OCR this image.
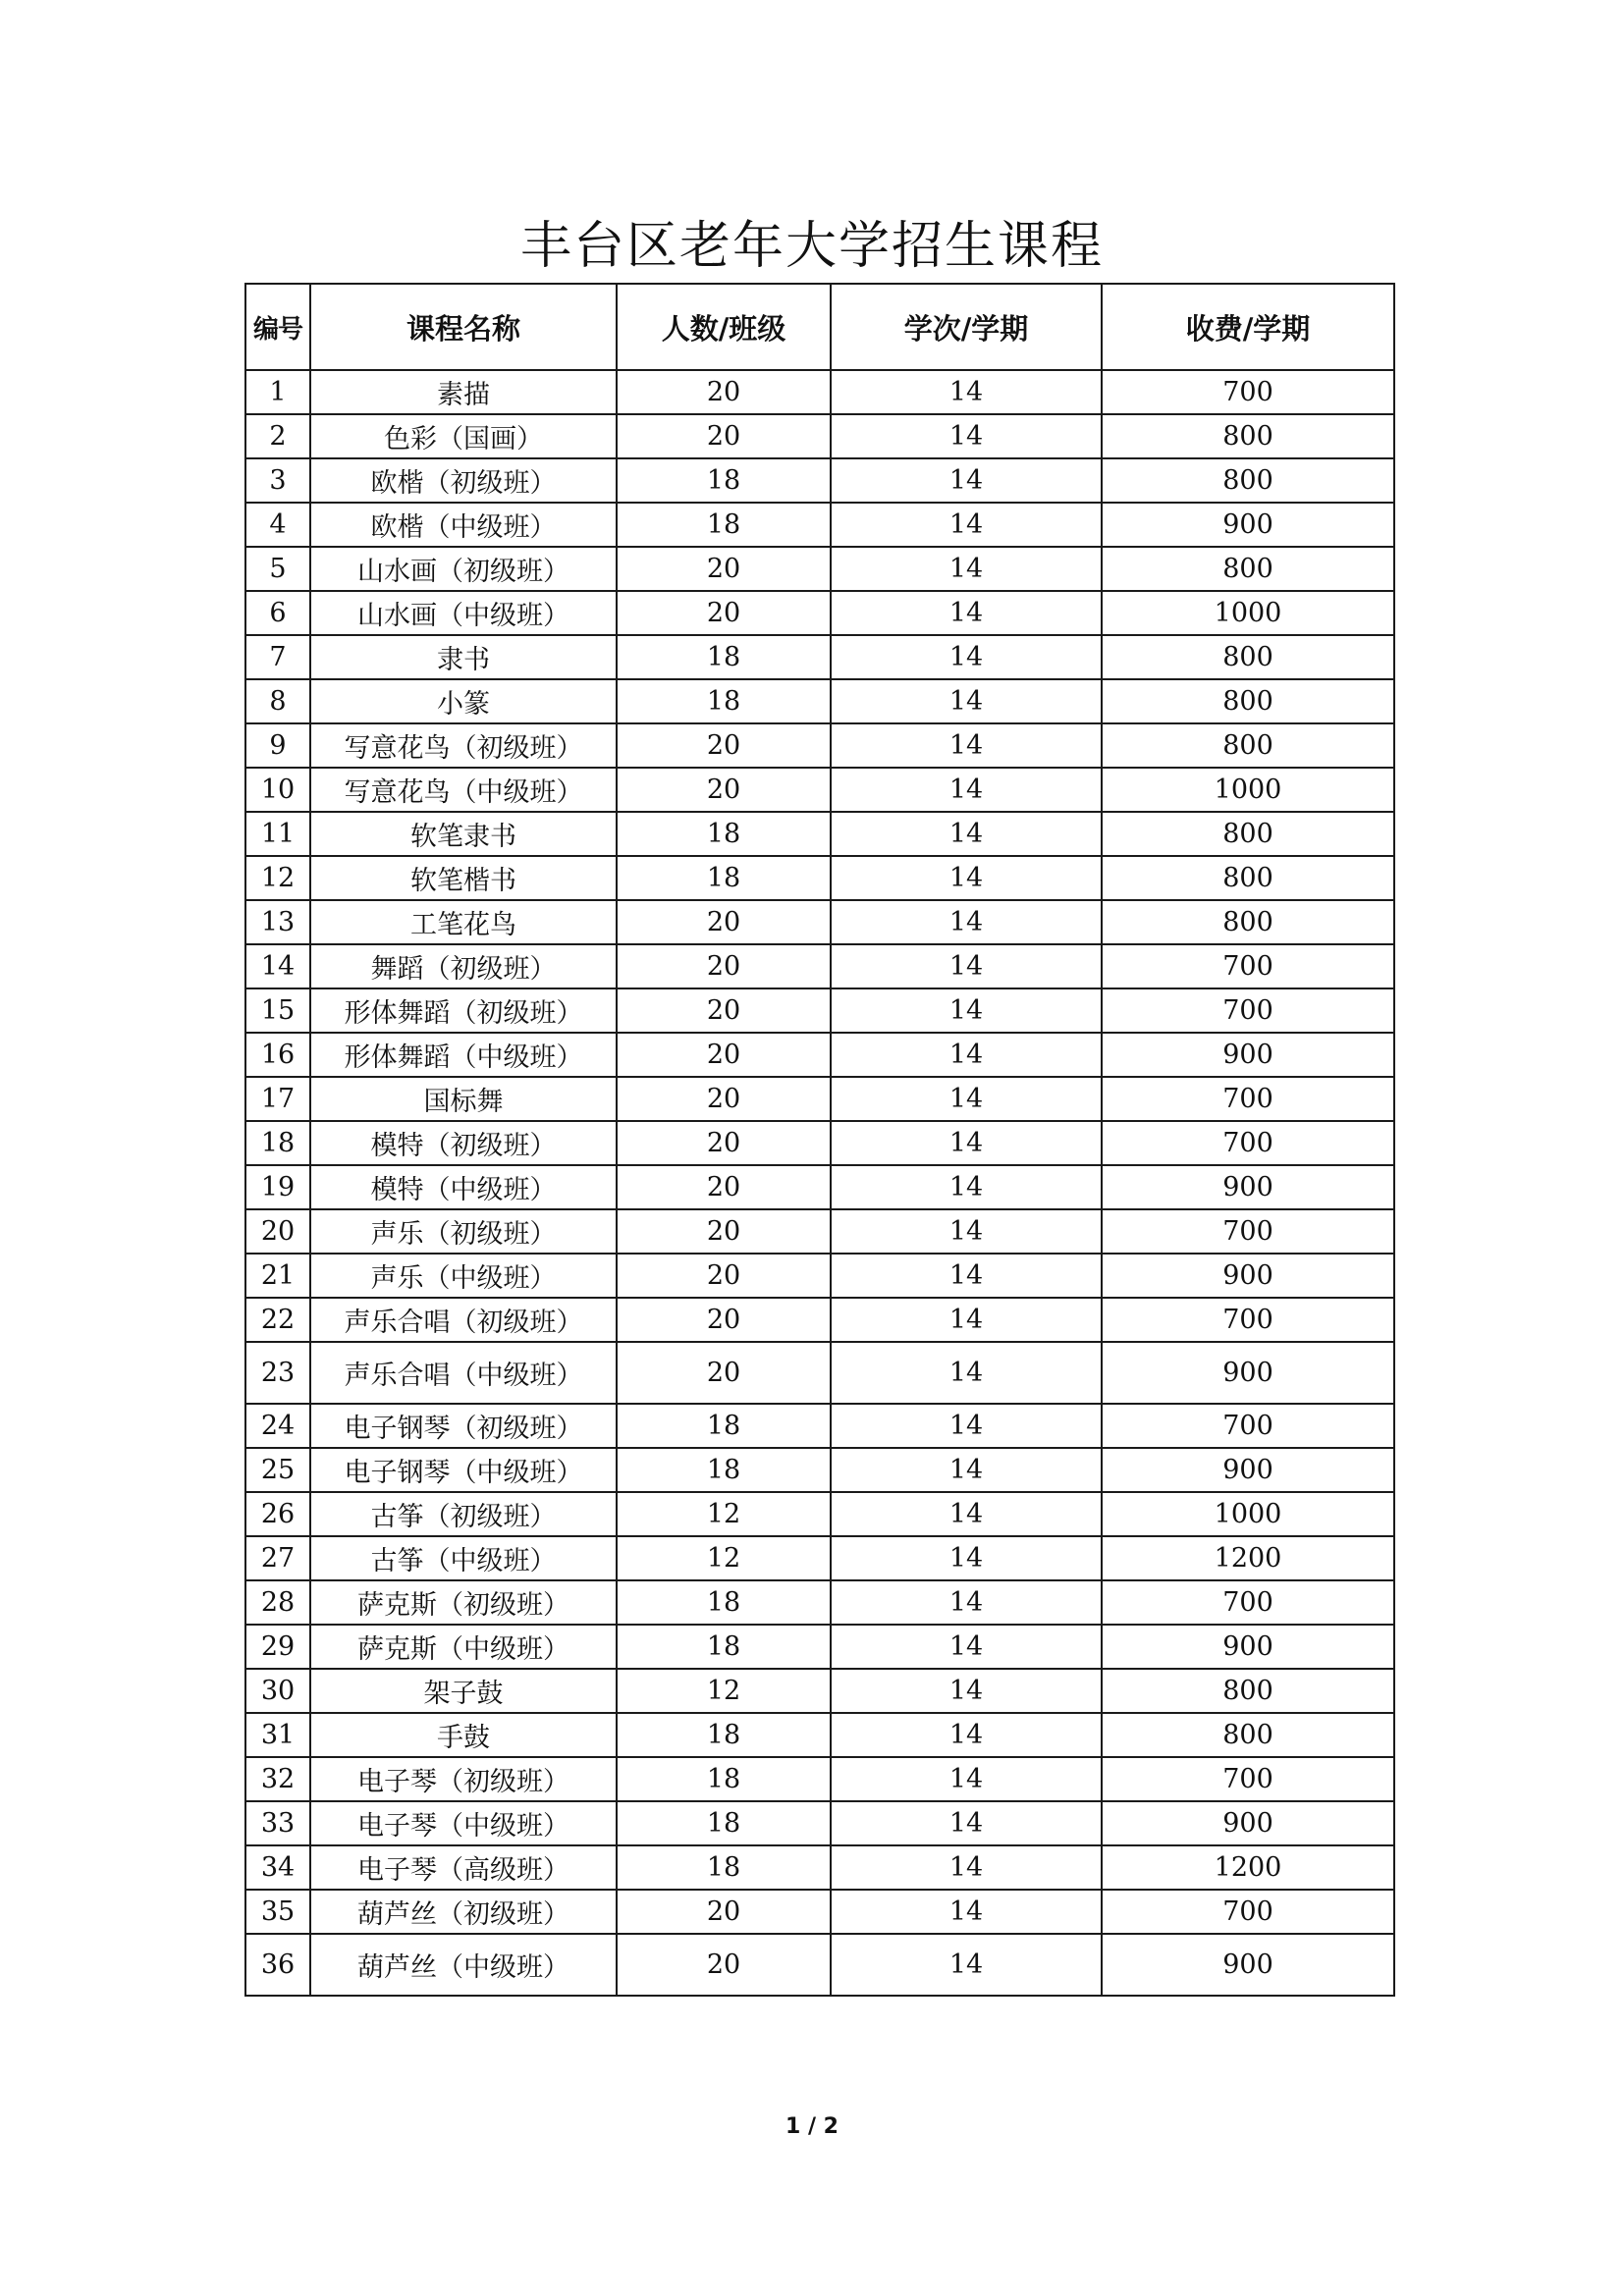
丰台区老年大学招生课程
编号	课程名称	人数/班级	学次/学期	收费/学期
1	素描	20	14	700
2	色彩（国画）	20	14	800
3	欧楷（初级班）	18	14	800
4	欧楷（中级班）	18	14	900
5	山水画（初级班）	20	14	800
6	山水画（中级班）	20	14	1000
7	隶书	18	14	800
8	小篆	18	14	800
9	写意花鸟（初级班）	20	14	800
10	写意花鸟（中级班）	20	14	1000
11	软笔隶书	18	14	800
12	软笔楷书	18	14	800
13	工笔花鸟	20	14	800
14	舞蹈（初级班）	20	14	700
15	形体舞蹈（初级班）	20	14	700
16	形体舞蹈（中级班）	20	14	900
17	国标舞	20	14	700
18	模特（初级班）	20	14	700
19	模特（中级班）	20	14	900
20	声乐（初级班）	20	14	700
21	声乐（中级班）	20	14	900
22	声乐合唱（初级班）	20	14	700
23	声乐合唱（中级班）	20	14	900
24	电子钢琴（初级班）	18	14	700
25	电子钢琴（中级班）	18	14	900
26	古筝（初级班）	12	14	1000
27	古筝（中级班）	12	14	1200
28	萨克斯（初级班）	18	14	700
29	萨克斯（中级班）	18	14	900
30	架子鼓	12	14	800
31	手鼓	18	14	800
32	电子琴（初级班）	18	14	700
33	电子琴（中级班）	18	14	900
34	电子琴（高级班）	18	14	1200
35	葫芦丝（初级班）	20	14	700
36	葫芦丝（中级班）	20	14	900
1 / 2
